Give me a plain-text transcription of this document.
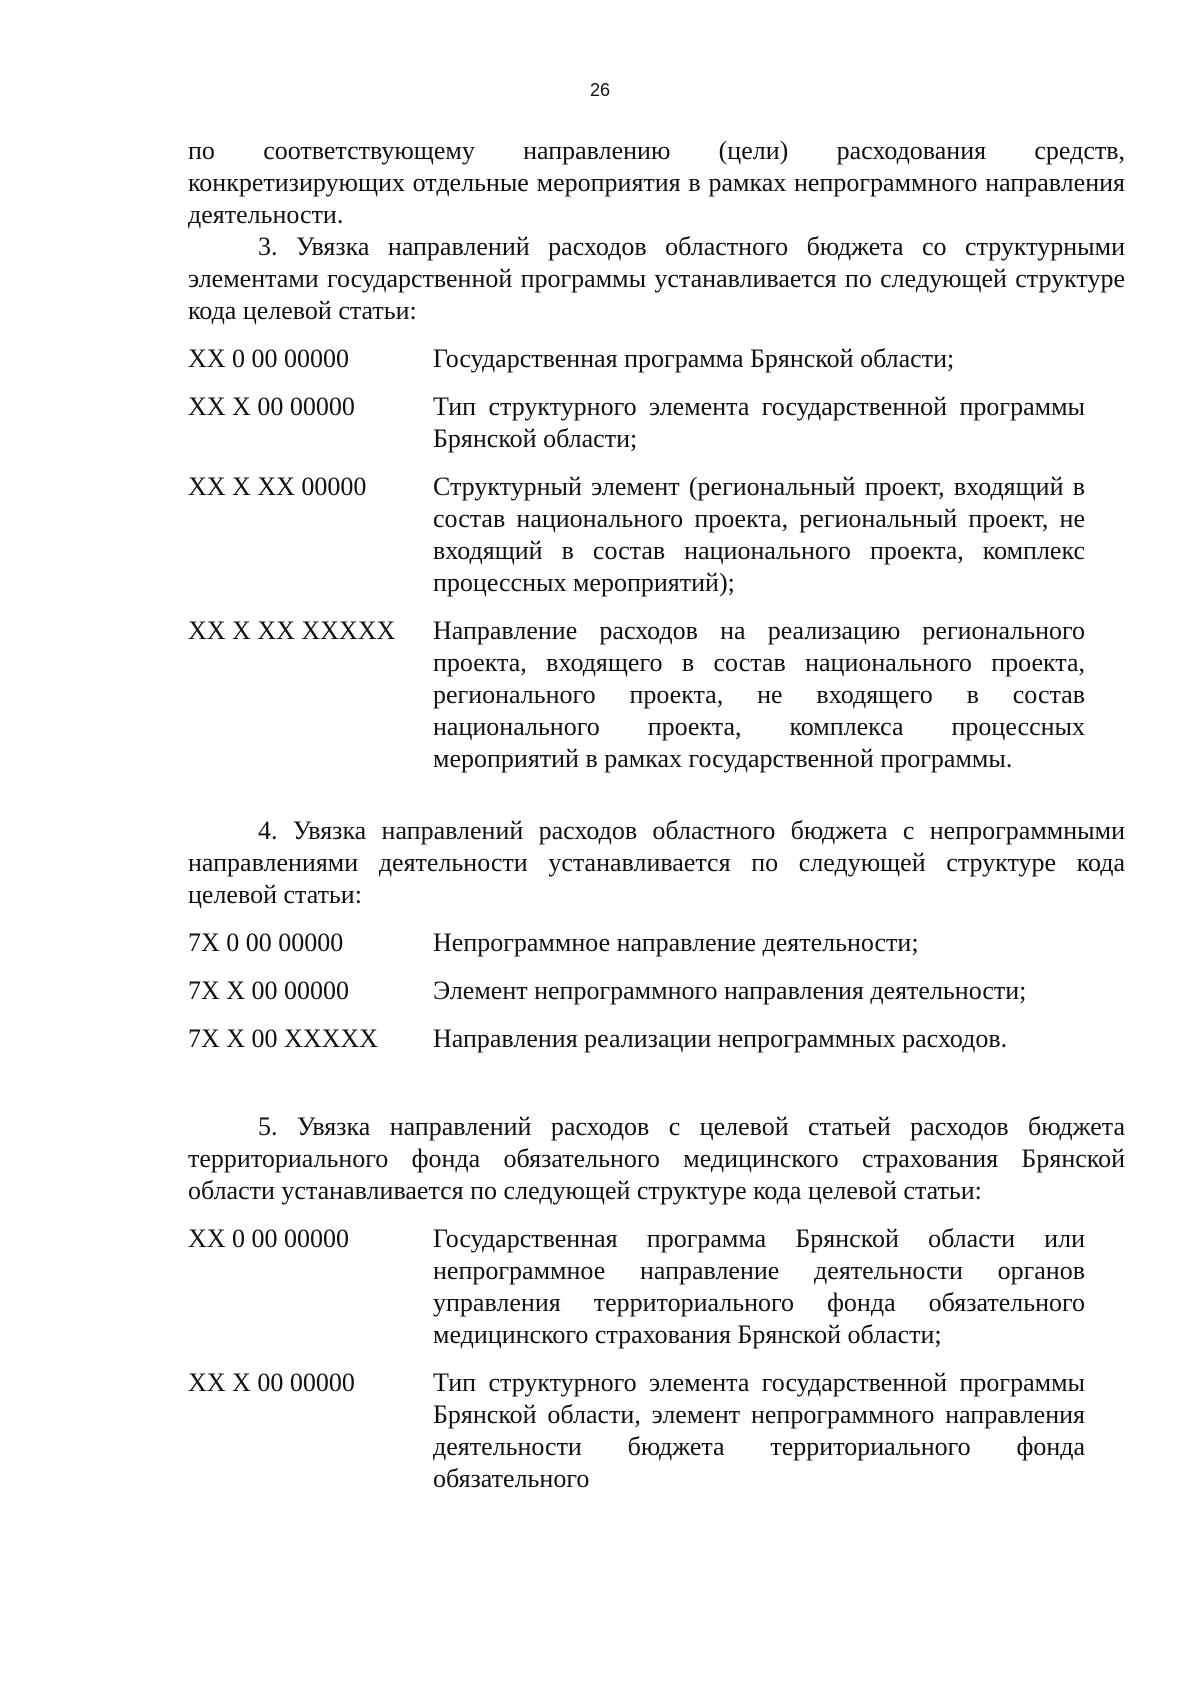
26

по соответствующему направлению (цели) расходования средств, конкретизирующих отдельные мероприятия в рамках непрограммного направления деятельности.

3. Увязка направлений расходов областного бюджета со структурными элементами государственной программы устанавливается по следующей структуре кода целевой статьи:

XX 0 00 00000	Государственная программа Брянской области;
XX X 00 00000	Тип структурного элемента государственной программы Брянской области;
XX X XX 00000	Структурный элемент (региональный проект, входящий в состав национального проекта, региональный проект, не входящий в состав национального проекта, комплекс процессных мероприятий);
XX X XX XXXXX	Направление расходов на реализацию регионального проекта, входящего в состав национального проекта, регионального проекта, не входящего в состав национального проекта, комплекса процессных мероприятий в рамках государственной программы.

4. Увязка направлений расходов областного бюджета с непрограммными направлениями деятельности устанавливается по следующей структуре кода целевой статьи:

7X 0 00 00000	Непрограммное направление деятельности;
7X X 00 00000	Элемент непрограммного направления деятельности;
7X X 00 XXXXX	Направления реализации непрограммных расходов.

5. Увязка направлений расходов с целевой статьей расходов бюджета территориального фонда обязательного медицинского страхования Брянской области устанавливается по следующей структуре кода целевой статьи:

XX 0 00 00000	Государственная программа Брянской области или непрограммное направление деятельности органов управления территориального фонда обязательного медицинского страхования Брянской области;
XX X 00 00000	Тип структурного элемента государственной программы Брянской области, элемент непрограммного направления деятельности бюджета территориального фонда обязательного
